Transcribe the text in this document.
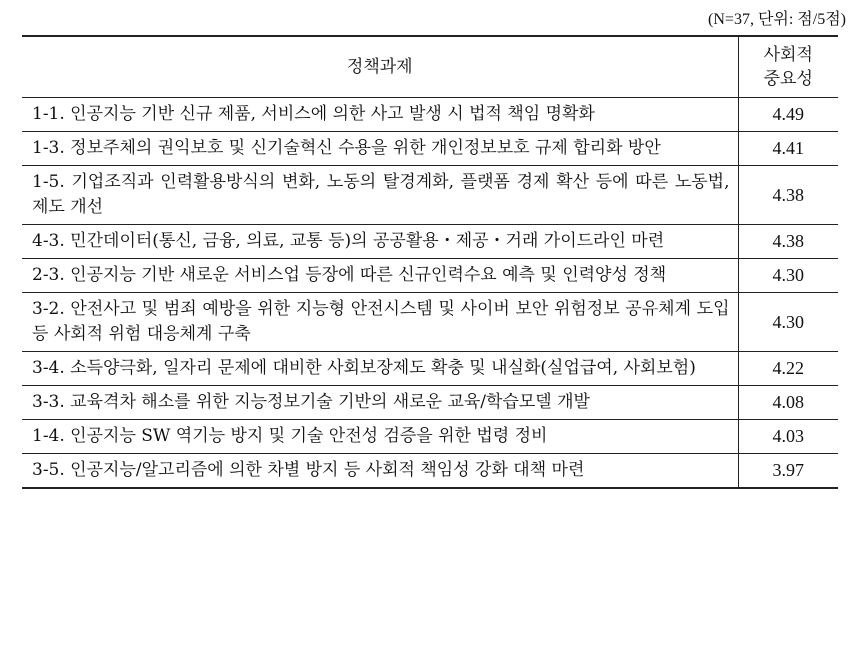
(N=37, 단위: 점/5점)
정책과제	사회적
중요성

1-1. 인공지능 기반 신규 제품, 서비스에 의한 사고 발생 시 법적 책임 명확화	4.49
1-3. 정보주체의 권익보호 및 신기술혁신 수용을 위한 개인정보보호 규제 합리화 방안	4.41
1-5. 기업조직과 인력활용방식의 변화, 노동의 탈경계화, 플랫폼 경제 확산 등에 따른 노동법, 제도 개선	4.38
4-3. 민간데이터(통신, 금융, 의료, 교통 등)의 공공활용・제공・거래 가이드라인 마련	4.38
2-3. 인공지능 기반 새로운 서비스업 등장에 따른 신규인력수요 예측 및 인력양성 정책	4.30
3-2. 안전사고 및 범죄 예방을 위한 지능형 안전시스템 및 사이버 보안 위험정보 공유체계 도입 등 사회적 위험 대응체계 구축	4.30
3-4. 소득양극화, 일자리 문제에 대비한 사회보장제도 확충 및 내실화(실업급여, 사회보험)	4.22
3-3. 교육격차 해소를 위한 지능정보기술 기반의 새로운 교육/학습모델 개발	4.08
1-4. 인공지능 SW 역기능 방지 및 기술 안전성 검증을 위한 법령 정비	4.03
3-5. 인공지능/알고리즘에 의한 차별 방지 등 사회적 책임성 강화 대책 마련	3.97
